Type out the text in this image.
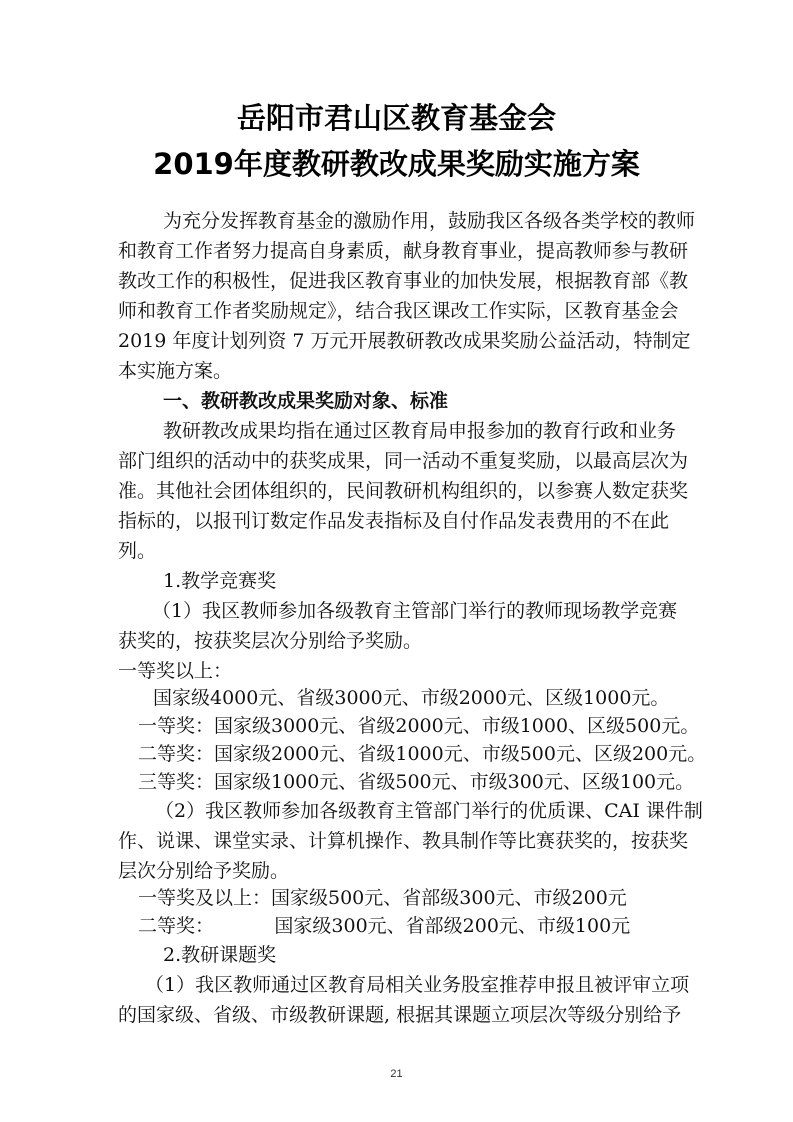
岳阳市君山区教育基金会
2019年度教研教改成果奖励实施方案
为充分发挥教育基金的激励作用，鼓励我区各级各类学校的教师
和教育工作者努力提高自身素质，献身教育事业，提高教师参与教研
教改工作的积极性，促进我区教育事业的加快发展，根据教育部《教
师和教育工作者奖励规定》，结合我区课改工作实际，区教育基金会
2019 年度计划列资 7 万元开展教研教改成果奖励公益活动，特制定
本实施方案。
一、教研教改成果奖励对象、标准
教研教改成果均指在通过区教育局申报参加的教育行政和业务
部门组织的活动中的获奖成果，同一活动不重复奖励，以最高层次为
准。其他社会团体组织的，民间教研机构组织的，以参赛人数定获奖
指标的，以报刊订数定作品发表指标及自付作品发表费用的不在此
列。
1.教学竞赛奖
（1）我区教师参加各级教育主管部门举行的教师现场教学竞赛
获奖的，按获奖层次分别给予奖励。
一等奖以上：
国家级4000元、省级3000元、市级2000元、区级1000元。
一等奖：国家级3000元、省级2000元、市级1000、区级500元。
二等奖：国家级2000元、省级1000元、市级500元、区级200元。
三等奖：国家级1000元、省级500元、市级300元、区级100元。
（2）我区教师参加各级教育主管部门举行的优质课、CAI 课件制
作、说课、课堂实录、计算机操作、教具制作等比赛获奖的，按获奖
层次分别给予奖励。
一等奖及以上：国家级500元、省部级300元、市级200元
二等奖：          国家级300元、省部级200元、市级100元
2.教研课题奖
（1）我区教师通过区教育局相关业务股室推荐申报且被评审立项
的国家级、省级、市级教研课题, 根据其课题立项层次等级分别给予
21
